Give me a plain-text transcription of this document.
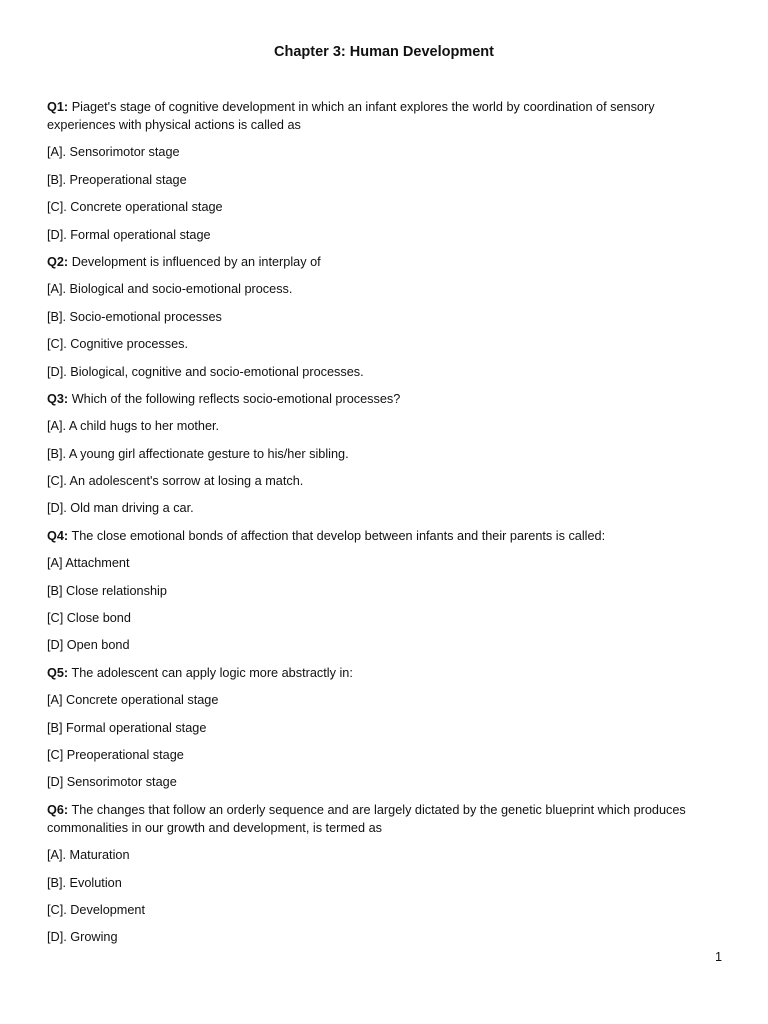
Chapter 3: Human Development

Q1: Piaget's stage of cognitive development in which an infant explores the world by coordination of sensory experiences with physical actions is called as

[A]. Sensorimotor stage

[B]. Preoperational stage

[C]. Concrete operational stage

[D]. Formal operational stage

Q2: Development is influenced by an interplay of

[A]. Biological and socio-emotional process.

[B]. Socio-emotional processes

[C]. Cognitive processes.

[D]. Biological, cognitive and socio-emotional processes.

Q3: Which of the following reflects socio-emotional processes?

[A]. A child hugs to her mother.

[B]. A young girl affectionate gesture to his/her sibling.

[C]. An adolescent's sorrow at losing a match.

[D]. Old man driving a car.

Q4: The close emotional bonds of affection that develop between infants and their parents is called:

[A] Attachment

[B] Close relationship

[C] Close bond

[D] Open bond

Q5: The adolescent can apply logic more abstractly in:

[A] Concrete operational stage

[B] Formal operational stage

[C] Preoperational stage

[D] Sensorimotor stage

Q6: The changes that follow an orderly sequence and are largely dictated by the genetic blueprint which produces commonalities in our growth and development, is termed as

[A]. Maturation

[B]. Evolution

[C]. Development

[D]. Growing

1
